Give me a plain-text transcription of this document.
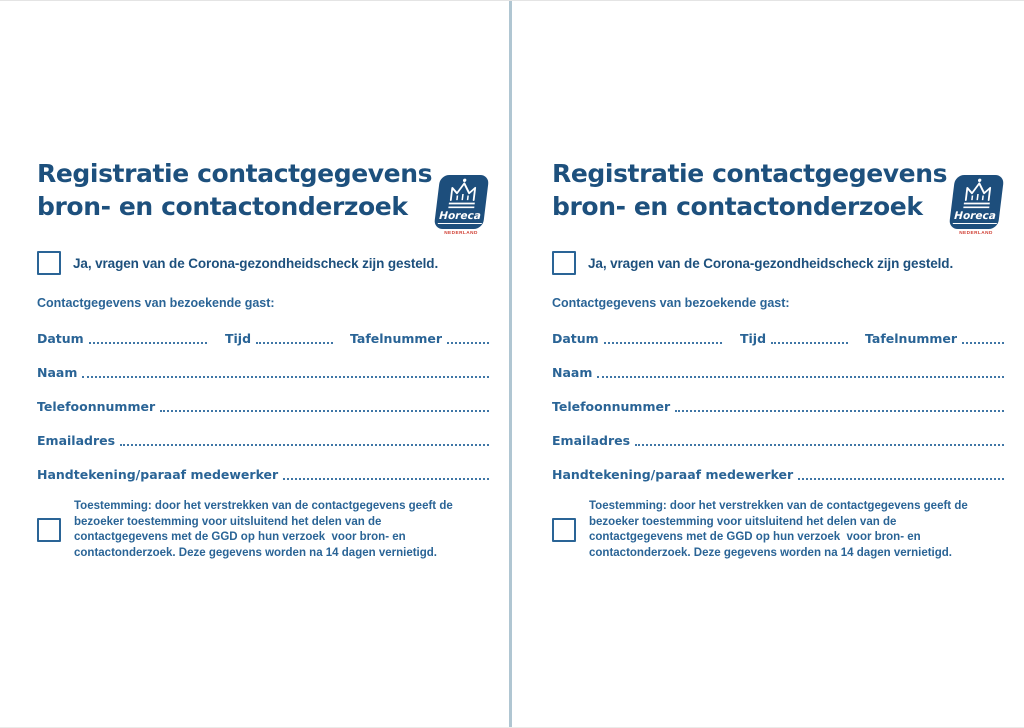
Registratie contactgegevens
bron- en contactonderzoek	Horeca
NEDERLAND
Ja, vragen van de Corona-gezondheidscheck zijn gesteld.
Contactgegevens van bezoekende gast:
Datum	Tijd	Tafelnummer
Naam
Telefoonnummer
Emailadres
Handtekening/paraaf medewerker
Toestemming: door het verstrekken van de contactgegevens geeft de
bezoeker toestemming voor uitsluitend het delen van de
contactgegevens met de GGD op hun verzoek  voor bron- en
contactonderzoek. Deze gegevens worden na 14 dagen vernietigd.
Registratie contactgegevens
bron- en contactonderzoek	Horeca
NEDERLAND
Ja, vragen van de Corona-gezondheidscheck zijn gesteld.
Contactgegevens van bezoekende gast:
Datum	Tijd	Tafelnummer
Naam
Telefoonnummer
Emailadres
Handtekening/paraaf medewerker
Toestemming: door het verstrekken van de contactgegevens geeft de
bezoeker toestemming voor uitsluitend het delen van de
contactgegevens met de GGD op hun verzoek  voor bron- en
contactonderzoek. Deze gegevens worden na 14 dagen vernietigd.
